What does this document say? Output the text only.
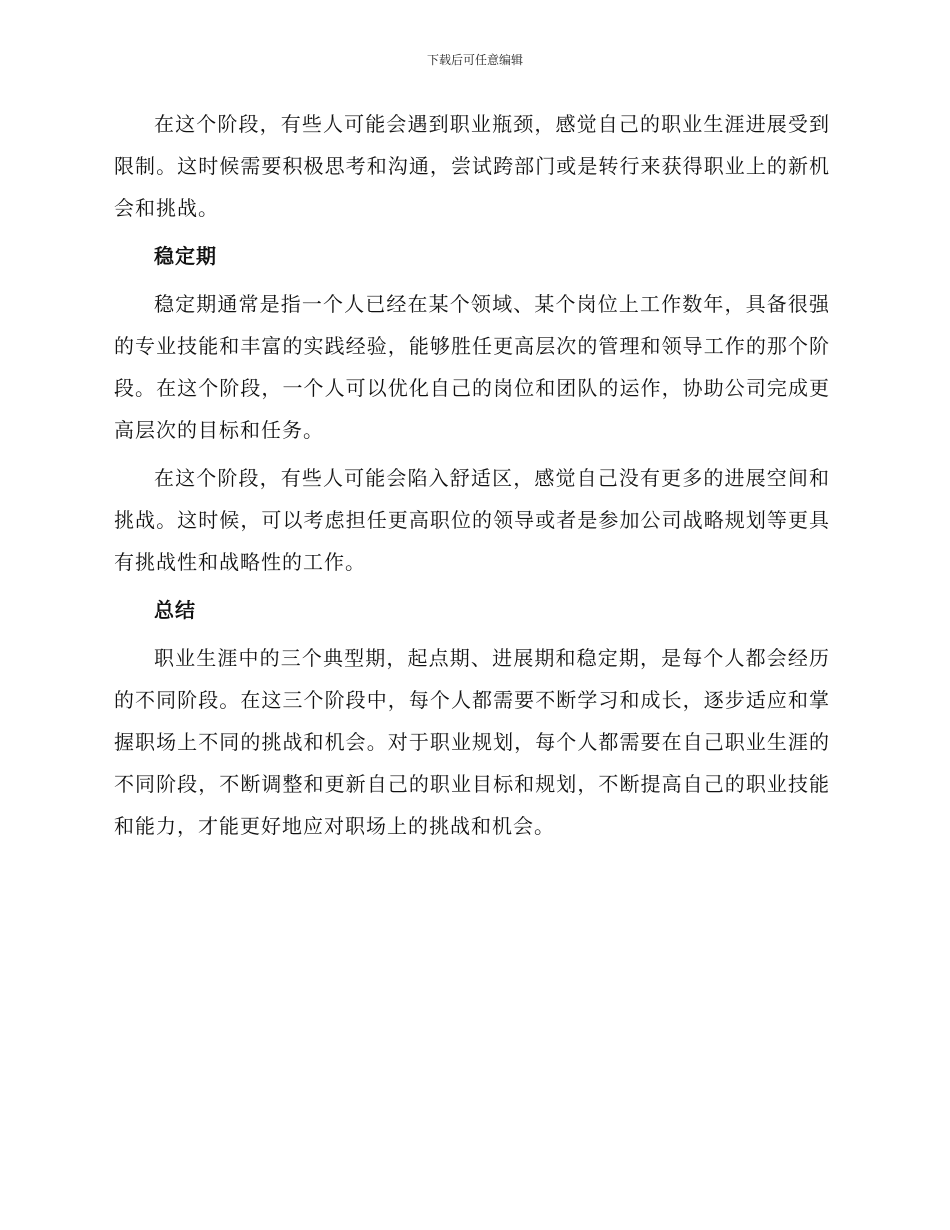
下载后可任意编辑

在这个阶段，有些人可能会遇到职业瓶颈，感觉自己的职业生涯进展受到限制。这时候需要积极思考和沟通，尝试跨部门或是转行来获得职业上的新机会和挑战。

稳定期

稳定期通常是指一个人已经在某个领域、某个岗位上工作数年，具备很强的专业技能和丰富的实践经验，能够胜任更高层次的管理和领导工作的那个阶段。在这个阶段，一个人可以优化自己的岗位和团队的运作，协助公司完成更高层次的目标和任务。

在这个阶段，有些人可能会陷入舒适区，感觉自己没有更多的进展空间和挑战。这时候，可以考虑担任更高职位的领导或者是参加公司战略规划等更具有挑战性和战略性的工作。

总结

职业生涯中的三个典型期，起点期、进展期和稳定期，是每个人都会经历的不同阶段。在这三个阶段中，每个人都需要不断学习和成长，逐步适应和掌握职场上不同的挑战和机会。对于职业规划，每个人都需要在自己职业生涯的不同阶段，不断调整和更新自己的职业目标和规划，不断提高自己的职业技能和能力，才能更好地应对职场上的挑战和机会。
